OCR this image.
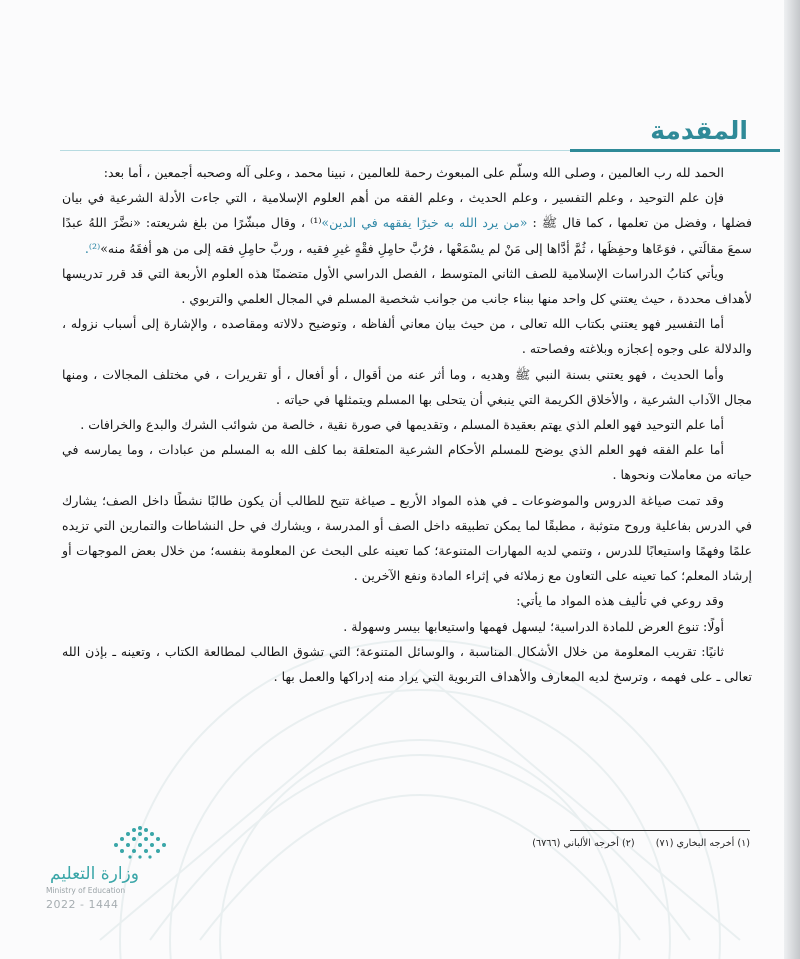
المقدمة

الحمد لله رب العالمين ، وصلى الله وسلّم على المبعوث رحمة للعالمين ، نبينا محمد ، وعلى آله وصحبه أجمعين ، أما بعد:

فإن علم التوحيد ، وعلم التفسير ، وعلم الحديث ، وعلم الفقه من أهم العلوم الإسلامية ، التي جاءت الأدلة الشرعية في بيان فضلها ، وفضل من تعلمها ، كما قال ﷺ : «من يرد الله به خيرًا يفقهه في الدين»⁽¹⁾ ، وقال مبشّرًا من بلغ شريعته: «نضَّرَ اللهُ عبدًا سمعَ مقالَتي ، فوَعَاها وحفِظَها ، ثُمَّ أدَّاها إلى مَنْ لم يسْمَعْها ، فرُبَّ حامِلِ فقْهٍ غيرِ فقيه ، وربَّ حامِلِ فقه إلى من هو أفقَهُ منه»⁽²⁾.

ويأتي كتابُ الدراسات الإسلامية للصف الثاني المتوسط ، الفصل الدراسي الأول متضمنًا هذه العلوم الأربعة التي قد قرر تدريسها لأهداف محددة ، حيث يعتني كل واحد منها ببناء جانب من جوانب شخصية المسلم في المجال العلمي والتربوي .

أما التفسير فهو يعتني بكتاب الله تعالى ، من حيث بيان معاني ألفاظه ، وتوضيح دلالاته ومقاصده ، والإشارة إلى أسباب نزوله ، والدلالة على وجوه إعجازه وبلاغته وفصاحته .

وأما الحديث ، فهو يعتني بسنة النبي ﷺ وهديه ، وما أثر عنه من أقوال ، أو أفعال ، أو تقريرات ، في مختلف المجالات ، ومنها مجال الآداب الشرعية ، والأخلاق الكريمة التي ينبغي أن يتحلى بها المسلم ويتمثلها في حياته .

أما علم التوحيد فهو العلم الذي يهتم بعقيدة المسلم ، وتقديمها في صورة نقية ، خالصة من شوائب الشرك والبدع والخرافات .

أما علم الفقه فهو العلم الذي يوضح للمسلم الأحكام الشرعية المتعلقة بما كلف الله به المسلم من عبادات ، وما يمارسه في حياته من معاملات ونحوها .

وقد تمت صياغة الدروس والموضوعات ـ في هذه المواد الأربع ـ صياغة تتيح للطالب أن يكون طالبًا نشطًا داخل الصف؛ يشارك في الدرس بفاعلية وروح متوثبة ، مطبقًا لما يمكن تطبيقه داخل الصف أو المدرسة ، ويشارك في حل النشاطات والتمارين التي تزيده علمًا وفهمًا واستيعابًا للدرس ، وتنمي لديه المهارات المتنوعة؛ كما تعينه على البحث عن المعلومة بنفسه؛ من خلال بعض الموجهات أو إرشاد المعلم؛ كما تعينه على التعاون مع زملائه في إثراء المادة ونفع الآخرين .

وقد روعي في تأليف هذه المواد ما يأتي:

أولًا: تنوع العرض للمادة الدراسية؛ ليسهل فهمها واستيعابها بيسر وسهولة .

ثانيًا: تقريب المعلومة من خلال الأشكال المناسبة ، والوسائل المتنوعة؛ التي تشوق الطالب لمطالعة الكتاب ، وتعينه ـ بإذن الله تعالى ـ على فهمه ، وترسخ لديه المعارف والأهداف التربوية التي يراد منه إدراكها والعمل بها .

(١) أخرجه البخاري (٧١) (٢) أخرجه الألباني (٦٧٦٦)
وزارة التعليم
Ministry of Education
2022 - 1444
